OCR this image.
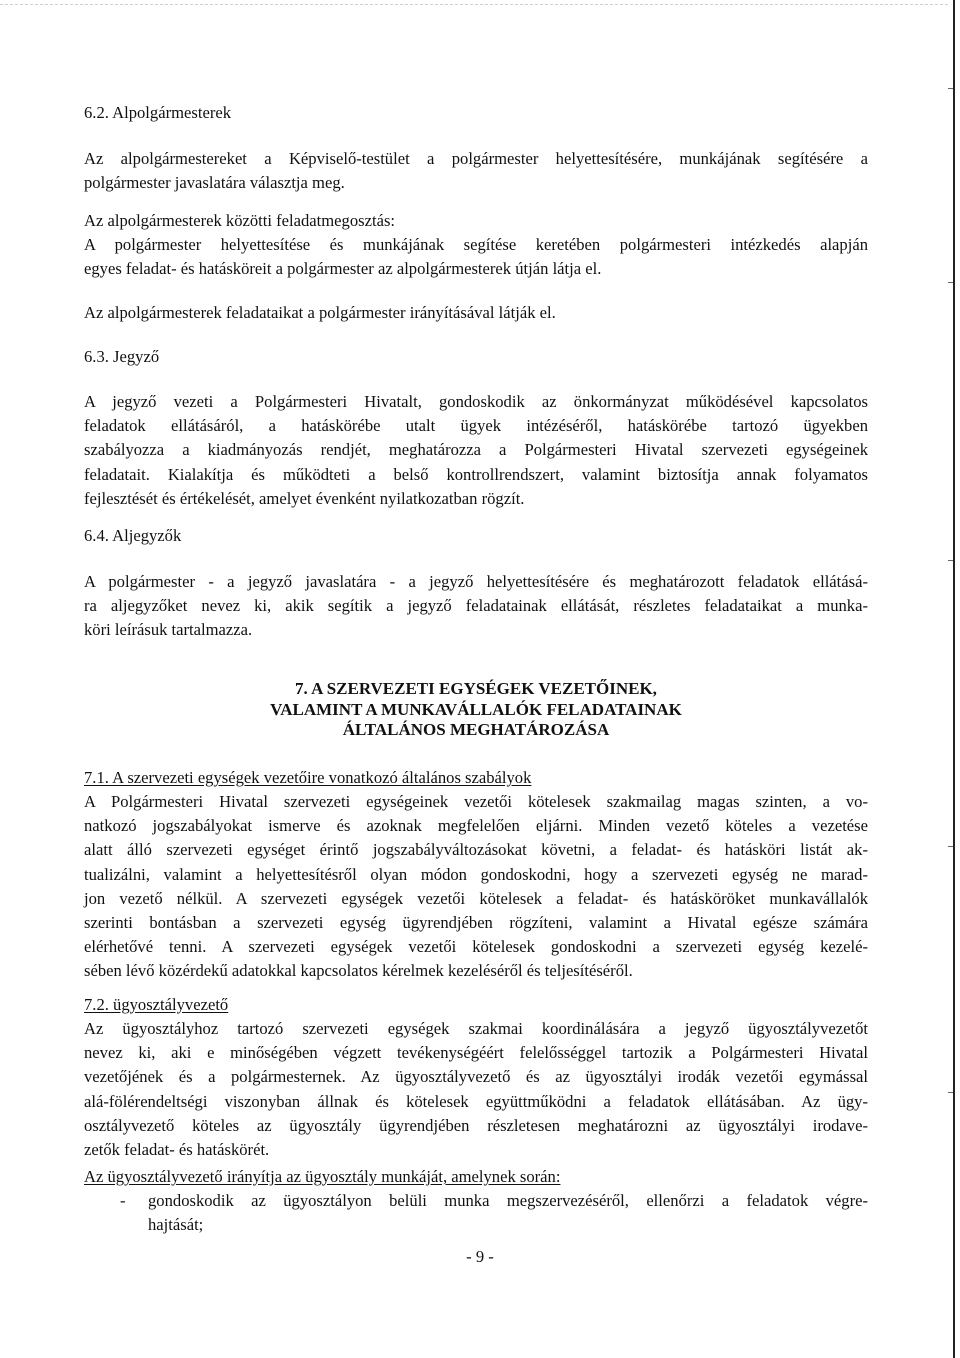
6.2. Alpolgármesterek
Az alpolgármestereket a Képviselő-testület a polgármester helyettesítésére, munkájának segítésére a
polgármester javaslatára választja meg.
Az alpolgármesterek közötti feladatmegosztás:
A polgármester helyettesítése és munkájának segítése keretében polgármesteri intézkedés alapján
egyes feladat- és hatásköreit a polgármester az alpolgármesterek útján látja el.
Az alpolgármesterek feladataikat a polgármester irányításával látják el.
6.3. Jegyző
A jegyző vezeti a Polgármesteri Hivatalt, gondoskodik az önkormányzat működésével kapcsolatos
feladatok ellátásáról, a hatáskörébe utalt ügyek intézéséről, hatáskörébe tartozó ügyekben
szabályozza a kiadmányozás rendjét, meghatározza a Polgármesteri Hivatal szervezeti egységeinek
feladatait. Kialakítja és működteti a belső kontrollrendszert, valamint biztosítja annak folyamatos
fejlesztését és értékelését, amelyet évenként nyilatkozatban rögzít.
6.4. Aljegyzők
A polgármester - a jegyző javaslatára - a jegyző helyettesítésére és meghatározott feladatok ellátásá-
ra aljegyzőket nevez ki, akik segítik a jegyző feladatainak ellátását, részletes feladataikat a munka-
köri leírásuk tartalmazza.
7. A SZERVEZETI EGYSÉGEK VEZETŐINEK,
VALAMINT A MUNKAVÁLLALÓK FELADATAINAK
ÁLTALÁNOS MEGHATÁROZÁSA
7.1. A szervezeti egységek vezetőire vonatkozó általános szabályok
A Polgármesteri Hivatal szervezeti egységeinek vezetői kötelesek szakmailag magas szinten, a vo-
natkozó jogszabályokat ismerve és azoknak megfelelően eljárni. Minden vezető köteles a vezetése
alatt álló szervezeti egységet érintő jogszabályváltozásokat követni, a feladat- és hatásköri listát ak-
tualizálni, valamint a helyettesítésről olyan módon gondoskodni, hogy a szervezeti egység ne marad-
jon vezető nélkül. A szervezeti egységek vezetői kötelesek a feladat- és hatásköröket munkavállalók
szerinti bontásban a szervezeti egység ügyrendjében rögzíteni, valamint a Hivatal egésze számára
elérhetővé tenni. A szervezeti egységek vezetői kötelesek gondoskodni a szervezeti egység kezelé-
sében lévő közérdekű adatokkal kapcsolatos kérelmek kezeléséről és teljesítéséről.
7.2. ügyosztályvezető
Az ügyosztályhoz tartozó szervezeti egységek szakmai koordinálására a jegyző ügyosztályvezetőt
nevez ki, aki e minőségében végzett tevékenységéért felelősséggel tartozik a Polgármesteri Hivatal
vezetőjének és a polgármesternek. Az ügyosztályvezető és az ügyosztályi irodák vezetői egymással
alá-fölérendeltségi viszonyban állnak és kötelesek együttműködni a feladatok ellátásában. Az ügy-
osztályvezető köteles az ügyosztály ügyrendjében részletesen meghatározni az ügyosztályi irodave-
zetők feladat- és hatáskörét.
Az ügyosztályvezető irányítja az ügyosztály munkáját, amelynek során:
- gondoskodik az ügyosztályon belüli munka megszervezéséről, ellenőrzi a feladatok végre-
hajtását;
- 9 -
